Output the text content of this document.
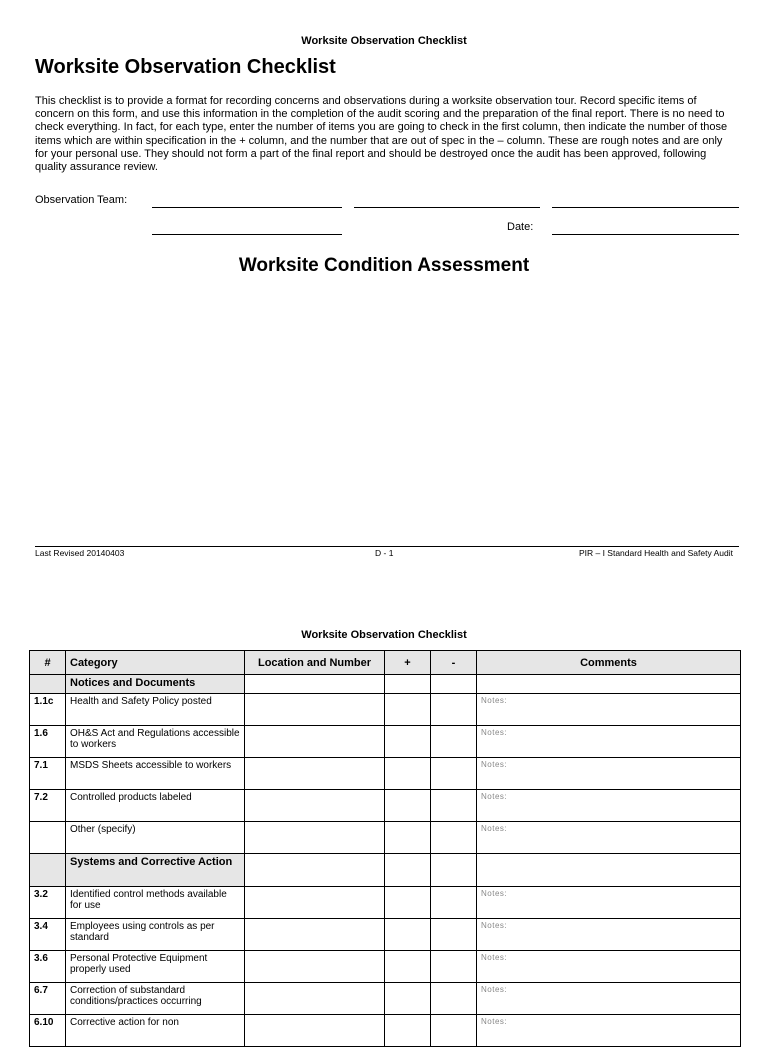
Worksite Observation Checklist
Worksite Observation Checklist
This checklist is to provide a format for recording concerns and observations during a worksite observation tour. Record specific items of concern on this form, and use this information in the completion of the audit scoring and the preparation of the final report. There is no need to check everything. In fact, for each type, enter the number of items you are going to check in the first column, then indicate the number of those items which are within specification in the + column, and the number that are out of spec in the – column. These are rough notes and are only for your personal use. They should not form a part of the final report and should be destroyed once the audit has been approved, following quality assurance review.
Observation Team:
Date:
Worksite Condition Assessment
Last Revised 20140403	D - 1	PIR – I Standard Health and Safety Audit
Worksite Observation Checklist
#	Category	Location and Number	+	-	Comments
	Notices and Documents				
1.1c	Health and Safety Policy posted				Notes:
1.6	OH&S Act and Regulations accessible to workers				Notes:
7.1	MSDS Sheets accessible to workers				Notes:
7.2	Controlled products labeled				Notes:
	Other (specify)				Notes:
	Systems and Corrective Action				
3.2	Identified control methods available for use				Notes:
3.4	Employees using controls as per standard				Notes:
3.6	Personal Protective Equipment properly used				Notes:
6.7	Correction of substandard conditions/practices occurring				Notes:
6.10	Corrective action for non				Notes:
